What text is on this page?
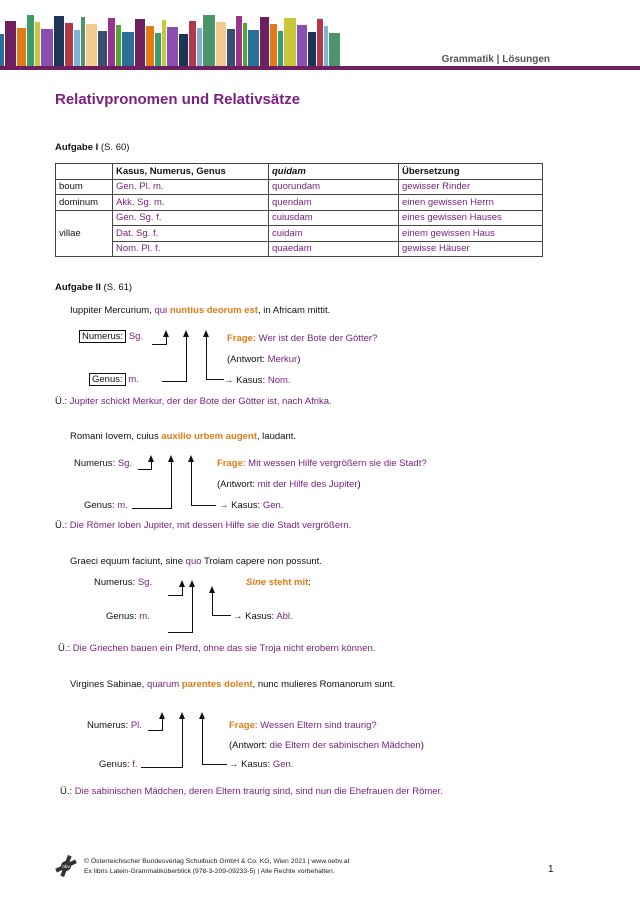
Grammatik | Lösungen
Relativpronomen und Relativsätze
Aufgabe I (S. 60)
	Kasus, Numerus, Genus	quidam	Übersetzung
boum	Gen. Pl. m.	quorundam	gewisser Rinder
dominum	Akk. Sg. m.	quendam	einen gewissen Herrn
villae	Gen. Sg. f.	cuiusdam	eines gewissen Hauses
	Dat. Sg. f.	cuidam	einem gewissen Haus
	Nom. Pl. f.	quaedam	gewisse Häuser
Aufgabe II (S. 61)
Iuppiter Mercurium, qui nuntius deorum est, in Africam mittit.
Numerus: Sg.
Genus: m.
Frage: Wer ist der Bote der Götter?
(Antwort: Merkur)
→ Kasus: Nom.
Ü.: Jupiter schickt Merkur, der der Bote der Götter ist, nach Afrika.
Romani Iovem, cuius auxilio urbem augent, laudant.
Numerus: Sg.
Genus: m.
Frage: Mit wessen Hilfe vergrößern sie die Stadt?
(Antwort: mit der Hilfe des Jupiter)
→ Kasus: Gen.
Ü.: Die Römer loben Jupiter, mit dessen Hilfe sie die Stadt vergrößern.
Graeci equum faciunt, sine quo Troiam capere non possunt.
Numerus: Sg.
Genus: m.
Sine steht mit:
→ Kasus: Abl.
Ü.: Die Griechen bauen ein Pferd, ohne das sie Troja nicht erobern können.
Virgines Sabinae, quarum parentes dolent, nunc mulieres Romanorum sunt.
Numerus: Pl.
Genus: f.
Frage: Wessen Eltern sind traurig?
(Antwort: die Eltern der sabinischen Mädchen)
→ Kasus: Gen.
Ü.: Die sabinischen Mädchen, deren Eltern traurig sind, sind nun die Ehefrauen der Römer.
öbv
© Österreichischer Bundesverlag Schulbuch GmbH & Co. KG, Wien 2021 | www.oebv.at
Ex libris Latein-Grammatiküberblick (978-3-209-09233-5) | Alle Rechte vorbehalten.	1
